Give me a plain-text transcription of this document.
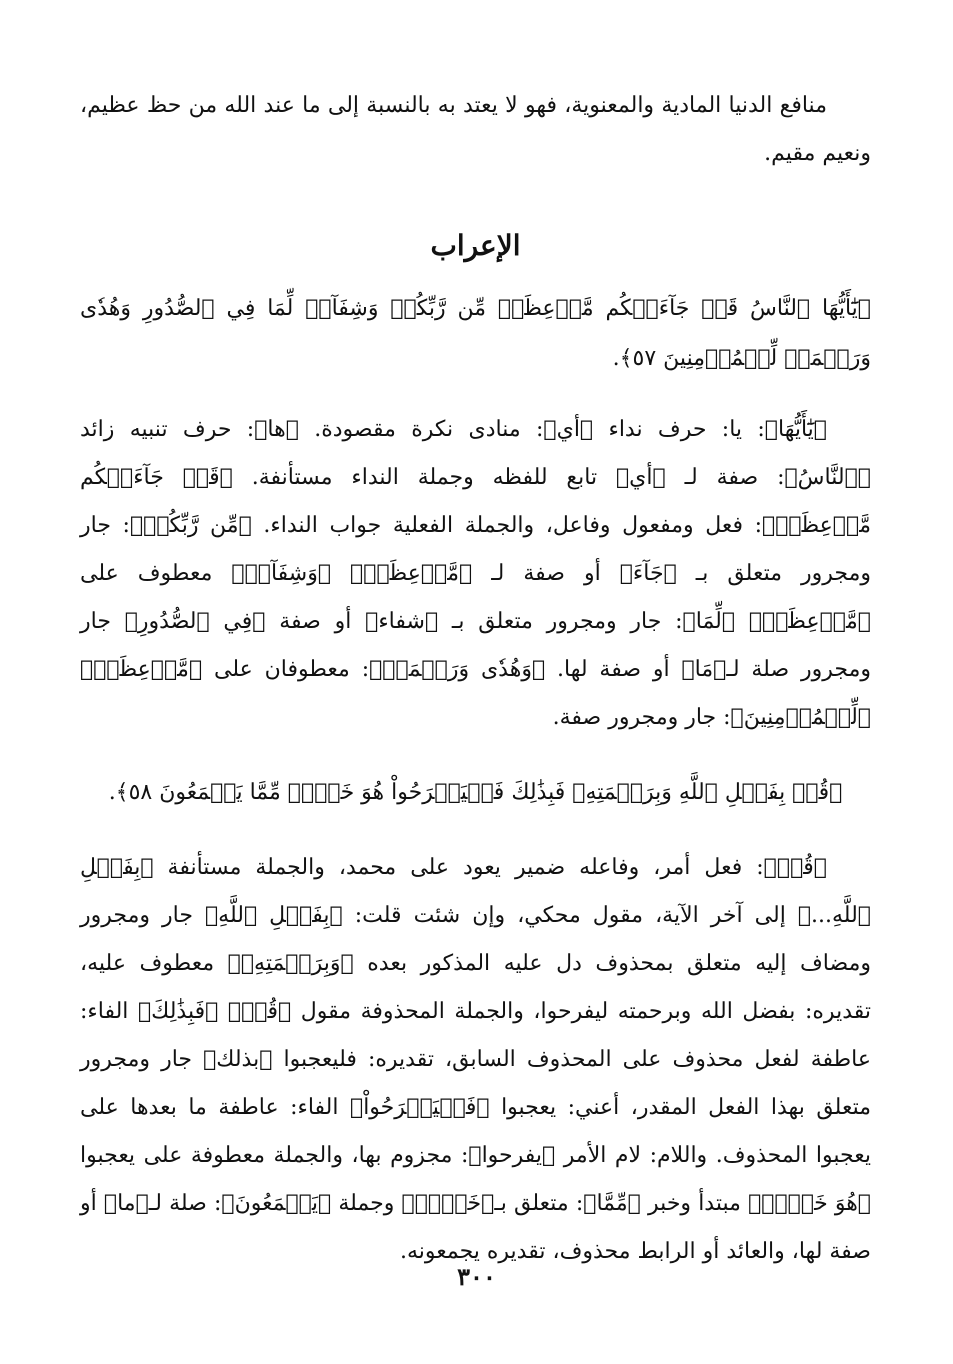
منافع الدنيا المادية والمعنوية، فهو لا يعتد به بالنسبة إلى ما عند الله من حظ عظيم، ونعيم مقيم.

الإعراب

﴿يَٰٓأَيُّهَا ٱلنَّاسُ قَدۡ جَآءَتۡكُم مَّوۡعِظَةٞ مِّن رَّبِّكُمۡ وَشِفَآءٞ لِّمَا فِي ٱلصُّدُورِ وَهُدٗى وَرَحۡمَةٞ لِّلۡمُؤۡمِنِينَ ٥٧﴾.

﴿يَٰٓأَيُّهَا﴾: يا: حرف نداء ﴿أي﴾: منادى نكرة مقصودة. ﴿ها﴾: حرف تنبيه زائد ﴿ٱلنَّاسُ﴾: صفة لـ ﴿أي﴾ تابع للفظه وجملة النداء مستأنفة. ﴿قَدۡ جَآءَتۡكُم مَّوۡعِظَةٞ﴾: فعل ومفعول وفاعل، والجملة الفعلية جواب النداء. ﴿مِّن رَّبِّكُمۡ﴾: جار ومجرور متعلق بـ ﴿جَآءَ﴾ أو صفة لـ ﴿مَّوۡعِظَةٞ﴾ ﴿وَشِفَآءٞ﴾ معطوف على ﴿مَّوۡعِظَةٞ﴾ ﴿لِّمَا﴾: جار ومجرور متعلق بـ ﴿شفاء﴾ أو صفة ﴿فِي ٱلصُّدُورِ﴾ جار ومجرور صلة لـ﴿مَا﴾ أو صفة لها. ﴿وَهُدٗى وَرَحۡمَةٞ﴾: معطوفان على ﴿مَّوۡعِظَةٞ﴾ ﴿لِّلۡمُؤۡمِنِينَ﴾: جار ومجرور صفة.

﴿قُلۡ بِفَضۡلِ ٱللَّهِ وَبِرَحۡمَتِهِۦ فَبِذَٰلِكَ فَلۡيَفۡرَحُواْ هُوَ خَيۡرٞ مِّمَّا يَجۡمَعُونَ ٥٨﴾.

﴿قُلۡ﴾: فعل أمر، وفاعله ضمير يعود على محمد، والجملة مستأنفة ﴿بِفَضۡلِ ٱللَّهِ...﴾ إلى آخر الآية، مقول محكي، وإن شئت قلت: ﴿بِفَضۡلِ ٱللَّهِ﴾ جار ومجرور ومضاف إليه متعلق بمحذوف دل عليه المذكور بعده ﴿وَبِرَحۡمَتِهِۦ﴾ معطوف عليه، تقديره: بفضل الله وبرحمته ليفرحوا، والجملة المحذوفة مقول ﴿قُلۡ﴾ ﴿فَبِذَٰلِكَ﴾ الفاء: عاطفة لفعل محذوف على المحذوف السابق، تقديره: فليعجبوا ﴿بذلك﴾ جار ومجرور متعلق بهذا الفعل المقدر، أعني: يعجبوا ﴿فَلۡيَفۡرَحُواْ﴾ الفاء: عاطفة ما بعدها على يعجبوا المحذوف. واللام: لام الأمر ﴿يفرحوا﴾: مجزوم بها، والجملة معطوفة على يعجبوا ﴿هُوَ خَيۡرٞ﴾ مبتدأ وخبر ﴿مِّمَّا﴾: متعلق بـ﴿خَيۡرٞ﴾ وجملة ﴿يَجۡمَعُونَ﴾: صلة لـ﴿ما﴾ أو صفة لها، والعائد أو الرابط محذوف، تقديره يجمعونه.

٣٠٠
